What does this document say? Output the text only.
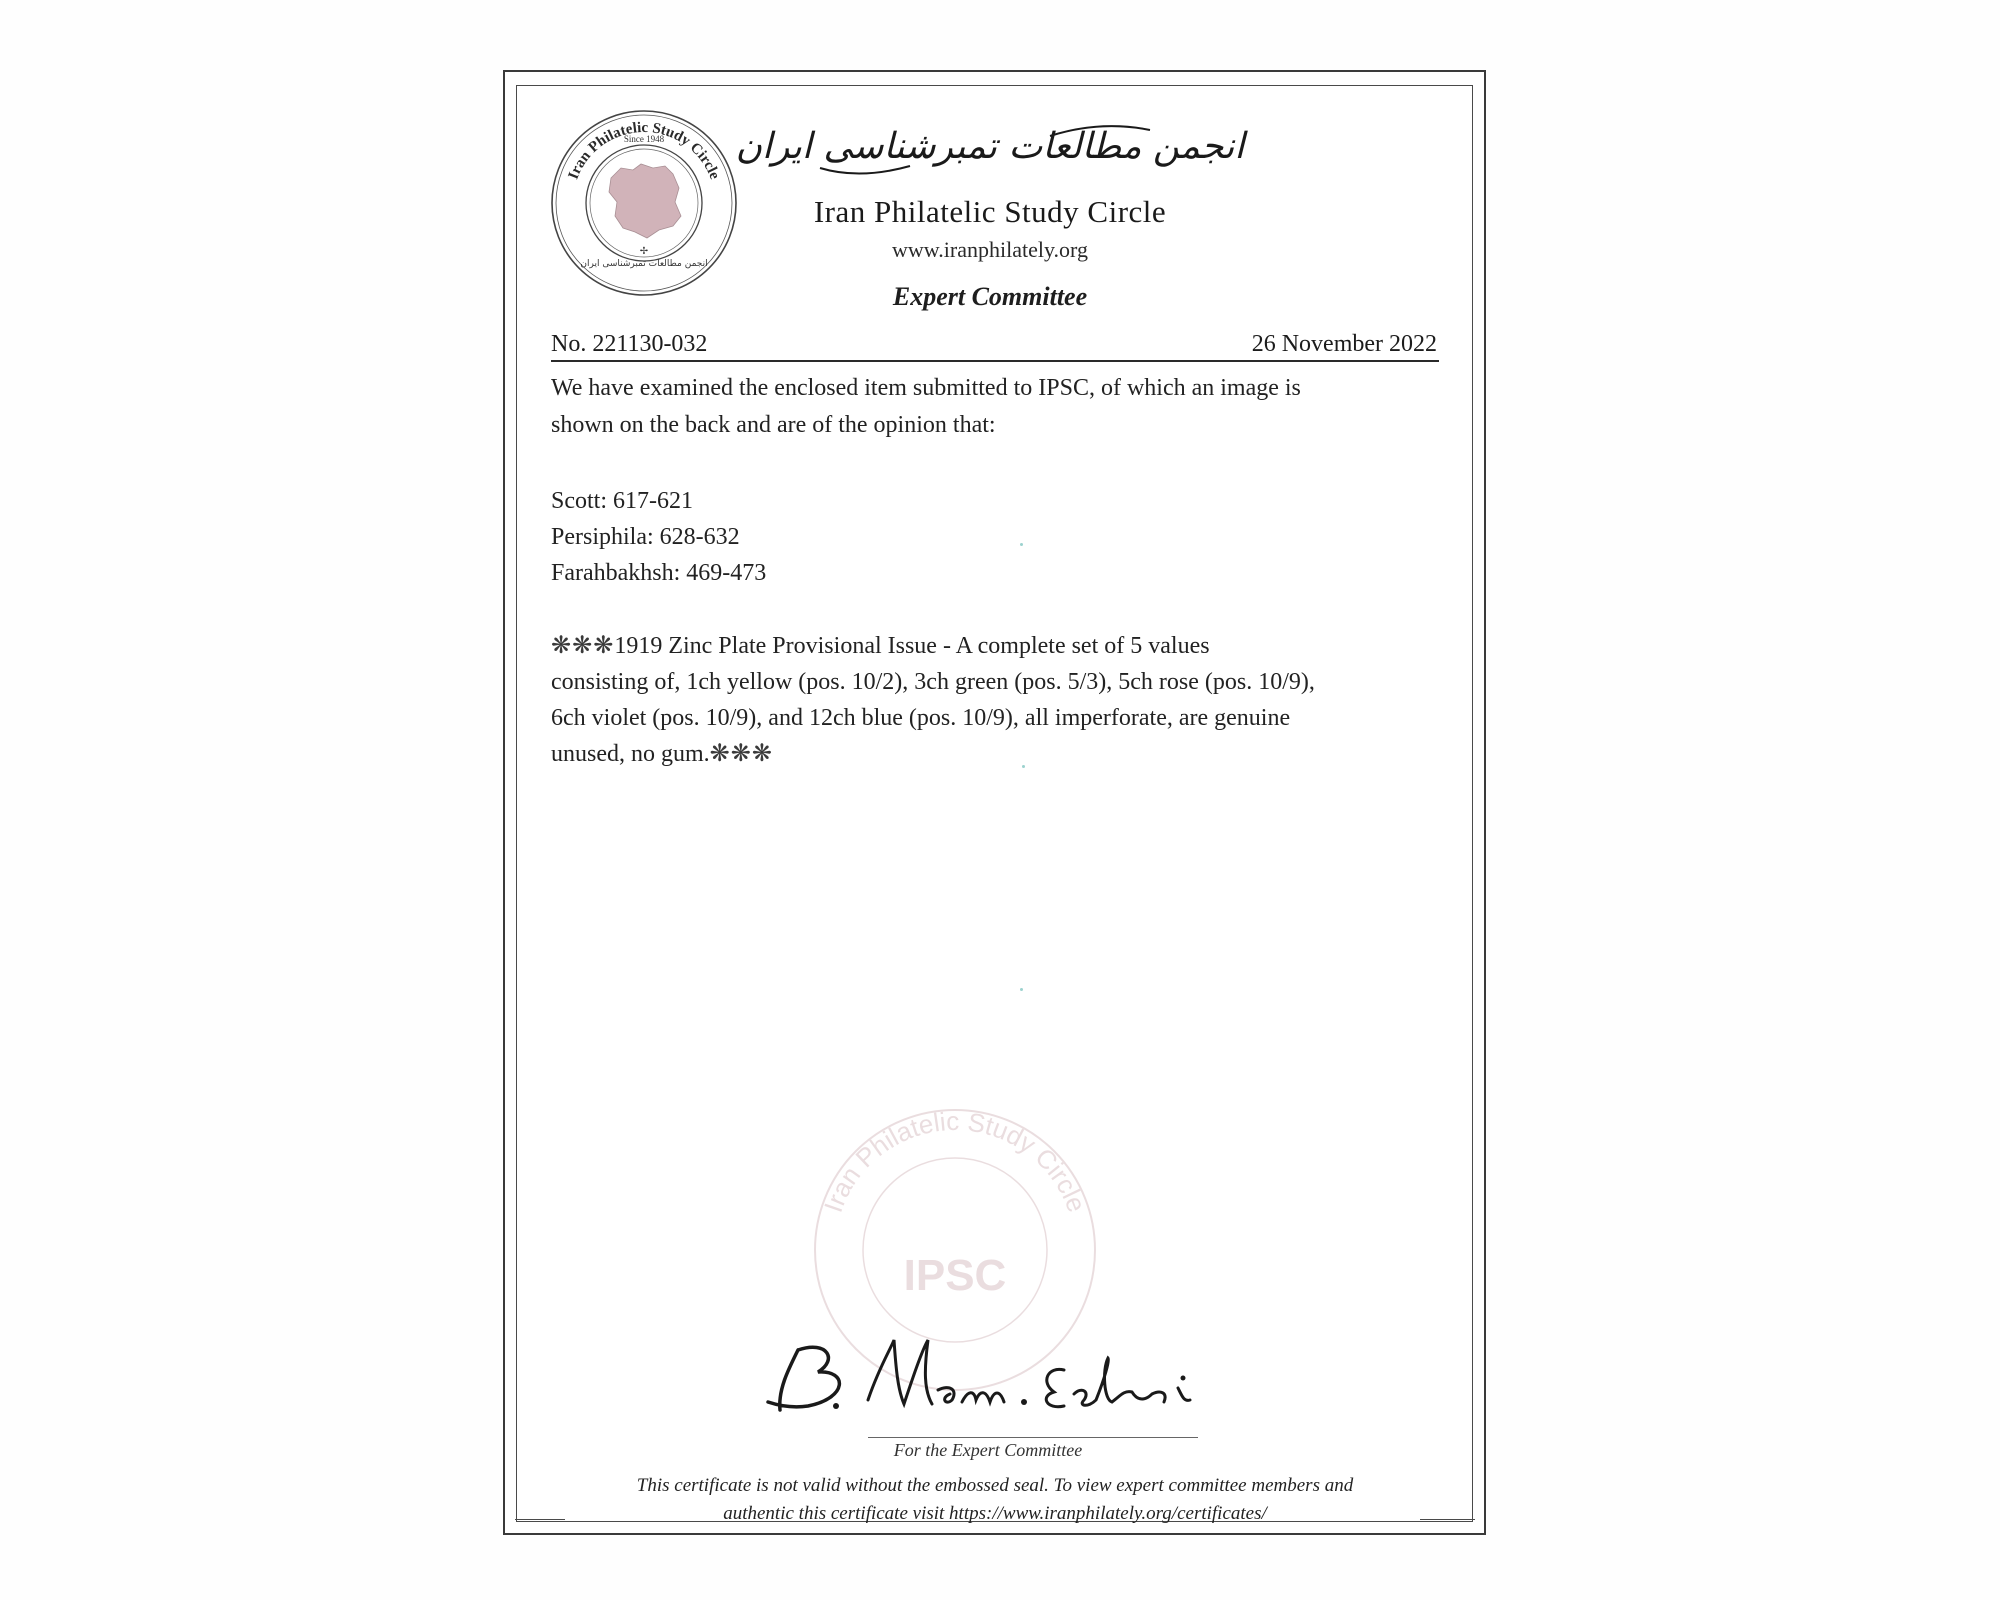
Iran Philatelic Study Circle
Since 1948
انجمن مطالعات تمبرشناسی ایران
✢
انجمن مطالعات تمبرشناسی ایران
Iran Philatelic Study Circle
www.iranphilately.org
Expert Committee
No. 221130-032	26 November 2022
We have examined the enclosed item submitted to IPSC, of which an image is
shown on the back and are of the opinion that:
Scott: 617-621
Persiphila: 628-632
Farahbakhsh: 469-473
❋❋❋1919 Zinc Plate Provisional Issue - A complete set of 5 values
consisting of, 1ch yellow (pos. 10/2), 3ch green (pos. 5/3), 5ch rose (pos. 10/9),
6ch violet (pos. 10/9), and 12ch blue (pos. 10/9), all imperforate, are genuine
unused, no gum.❋❋❋
Iran Philatelic Study Circle
IPSC
For the Expert Committee
This certificate is not valid without the embossed seal. To view expert committee members and
authentic this certificate visit https://www.iranphilately.org/certificates/
